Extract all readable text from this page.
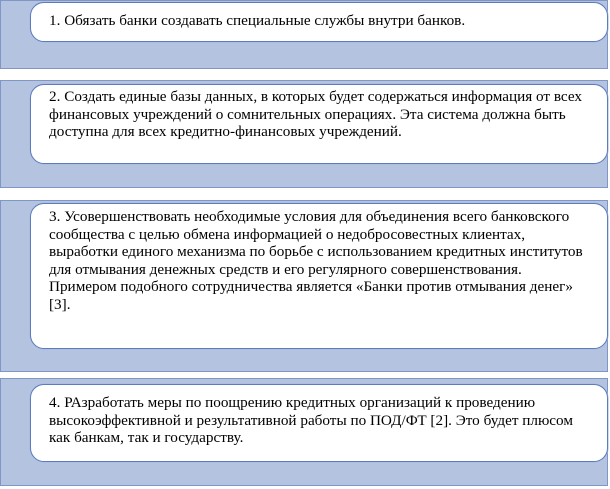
1. Обязать банки создавать специальные службы внутри банков.
2. Создать единые базы данных, в которых будет содержаться информация от всех финансовых учреждений о сомнительных операциях. Эта система должна быть доступна для всех кредитно-финансовых учреждений.
3. Усовершенствовать необходимые условия для объединения всего банковского сообщества с целью обмена информацией о недобросовестных клиентах, выработки единого механизма по борьбе с использованием кредитных институтов для отмывания денежных средств и его регулярного совершенствования. Примером подобного сотрудничества является «Банки против отмывания денег» [3].
4. РАзработать меры по поощрению кредитных организаций к проведению высокоэффективной и результативной работы по ПОД/ФТ [2]. Это будет плюсом как банкам, так и государству.
